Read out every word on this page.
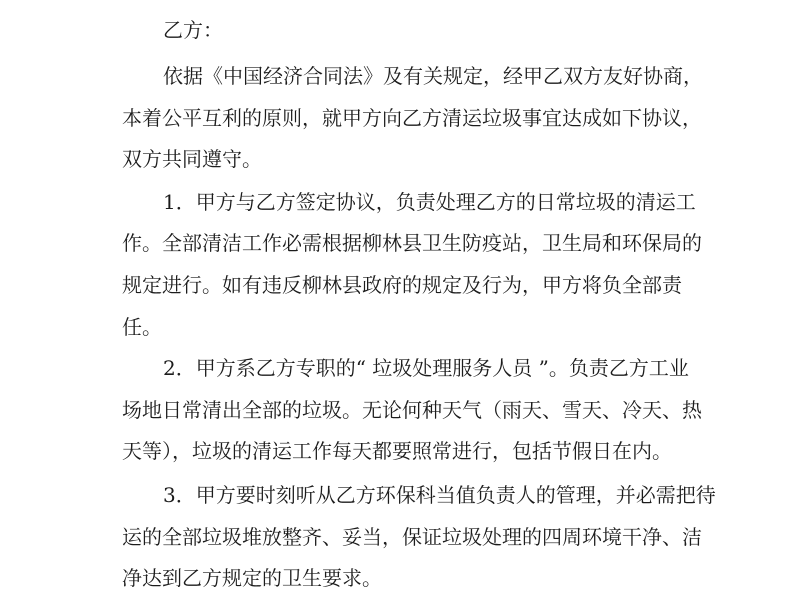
乙方：
依据《中国经济合同法》及有关规定，经甲乙双方友好协商，
本着公平互利的原则，就甲方向乙方清运垃圾事宜达成如下协议，
双方共同遵守。
1．甲方与乙方签定协议，负责处理乙方的日常垃圾的清运工
作。全部清洁工作必需根据柳林县卫生防疫站，卫生局和环保局的
规定进行。如有违反柳林县政府的规定及行为，甲方将负全部责
任。
2．甲方系乙方专职的“ 垃圾处理服务人员 ”。负责乙方工业
场地日常清出全部的垃圾。无论何种天气（雨天、雪天、冷天、热
天等），垃圾的清运工作每天都要照常进行，包括节假日在内。
3．甲方要时刻听从乙方环保科当值负责人的管理，并必需把待
运的全部垃圾堆放整齐、妥当，保证垃圾处理的四周环境干净、洁
净达到乙方规定的卫生要求。
